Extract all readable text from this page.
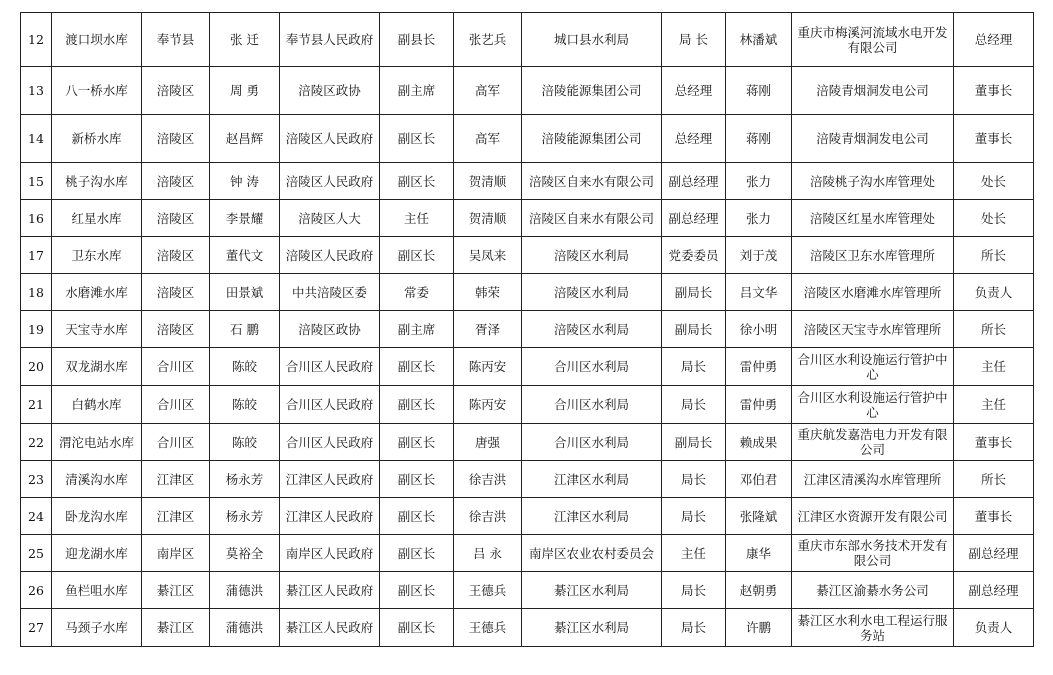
12	渡口坝水库	奉节县	张 迁	奉节县人民政府	副县长	张艺兵	城口县水利局	局 长	林潘斌	重庆市梅溪河流域水电开发有限公司	总经理
13	八一桥水库	涪陵区	周 勇	涪陵区政协	副主席	高军	涪陵能源集团公司	总经理	蒋刚	涪陵青烟洞发电公司	董事长
14	新桥水库	涪陵区	赵昌辉	涪陵区人民政府	副区长	高军	涪陵能源集团公司	总经理	蒋刚	涪陵青烟洞发电公司	董事长
15	桃子沟水库	涪陵区	钟 涛	涪陵区人民政府	副区长	贺清顺	涪陵区自来水有限公司	副总经理	张力	涪陵桃子沟水库管理处	处长
16	红星水库	涪陵区	李景耀	涪陵区人大	主任	贺清顺	涪陵区自来水有限公司	副总经理	张力	涪陵区红星水库管理处	处长
17	卫东水库	涪陵区	董代文	涪陵区人民政府	副区长	吴凤来	涪陵区水利局	党委委员	刘于茂	涪陵区卫东水库管理所	所长
18	水磨滩水库	涪陵区	田景斌	中共涪陵区委	常委	韩荣	涪陵区水利局	副局长	吕文华	涪陵区水磨滩水库管理所	负责人
19	天宝寺水库	涪陵区	石 鹏	涪陵区政协	副主席	胥泽	涪陵区水利局	副局长	徐小明	涪陵区天宝寺水库管理所	所长
20	双龙湖水库	合川区	陈皎	合川区人民政府	副区长	陈丙安	合川区水利局	局长	雷仲勇	合川区水利设施运行管护中心	主任
21	白鹤水库	合川区	陈皎	合川区人民政府	副区长	陈丙安	合川区水利局	局长	雷仲勇	合川区水利设施运行管护中心	主任
22	渭沱电站水库	合川区	陈皎	合川区人民政府	副区长	唐强	合川区水利局	副局长	赖成果	重庆航发嘉浩电力开发有限公司	董事长
23	清溪沟水库	江津区	杨永芳	江津区人民政府	副区长	徐吉洪	江津区水利局	局长	邓伯君	江津区清溪沟水库管理所	所长
24	卧龙沟水库	江津区	杨永芳	江津区人民政府	副区长	徐吉洪	江津区水利局	局长	张隆斌	江津区水资源开发有限公司	董事长
25	迎龙湖水库	南岸区	莫裕全	南岸区人民政府	副区长	吕 永	南岸区农业农村委员会	主任	康华	重庆市东部水务技术开发有限公司	副总经理
26	鱼栏咀水库	綦江区	蒲德洪	綦江区人民政府	副区长	王德兵	綦江区水利局	局长	赵朝勇	綦江区渝綦水务公司	副总经理
27	马颈子水库	綦江区	蒲德洪	綦江区人民政府	副区长	王德兵	綦江区水利局	局长	许鹏	綦江区水利水电工程运行服务站	负责人
